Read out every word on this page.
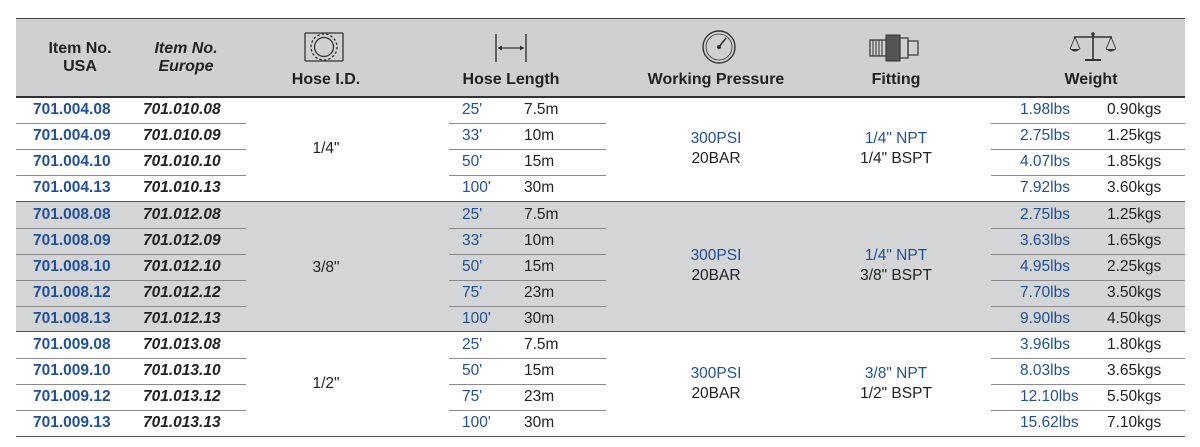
Item No.
USA
Item No.
Europe
Hose I.D.	Hose Length	Working Pressure	Fitting	Weight
1/4"
300PSI
20BAR
1/4" NPT
1/4" BSPT
701.004.08 701.010.08	25'	7.5m	1.98lbs 0.90kgs
701.004.09 701.010.09	33'	10m	2.75lbs 1.25kgs
701.004.10 701.010.10	50'	15m	4.07lbs 1.85kgs
701.004.13 701.010.13	100' 30m	7.92lbs 3.60kgs
3/8"
300PSI
20BAR
1/4" NPT
3/8" BSPT
701.008.08 701.012.08	25'	7.5m	2.75lbs 1.25kgs
701.008.09 701.012.09	33'	10m	3.63lbs 1.65kgs
701.008.10 701.012.10	50'	15m	4.95lbs 2.25kgs
701.008.12 701.012.12	75'	23m	7.70lbs 3.50kgs
701.008.13 701.012.13	100' 30m	9.90lbs 4.50kgs
1/2"
300PSI
20BAR
3/8" NPT
1/2" BSPT
701.009.08 701.013.08	25'	7.5m	3.96lbs 1.80kgs
701.009.10 701.013.10	50'	15m	8.03lbs 3.65kgs
701.009.12 701.013.12	75'	23m	12.10lbs 5.50kgs
701.009.13 701.013.13	100' 30m	15.62lbs 7.10kgs
